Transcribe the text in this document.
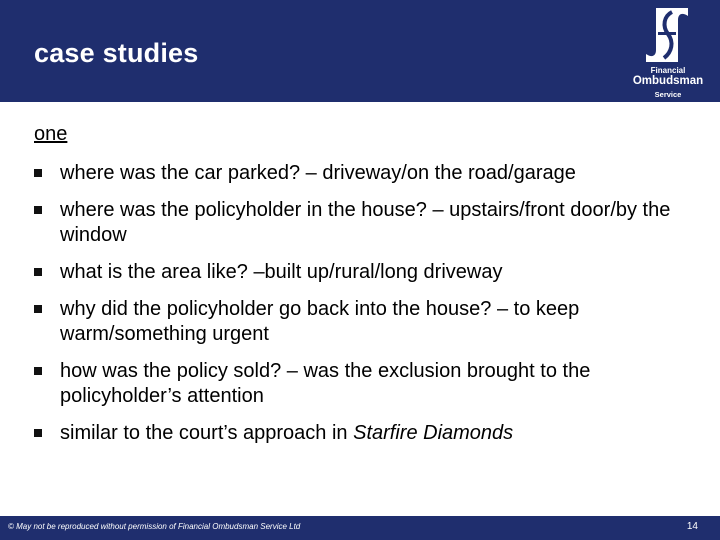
case studies
Financial
Ombudsman
Service
one
where was the car parked? – driveway/on the road/garage
where was the policyholder in the house? – upstairs/front door/by the window
what is the area like? –built up/rural/long driveway
why did the policyholder go back into the house? – to keep warm/something urgent
how was the policy sold? – was the exclusion brought to the policyholder’s attention
similar to the court’s approach in Starfire Diamonds
© May not be reproduced without permission of Financial Ombudsman Service Ltd	14
